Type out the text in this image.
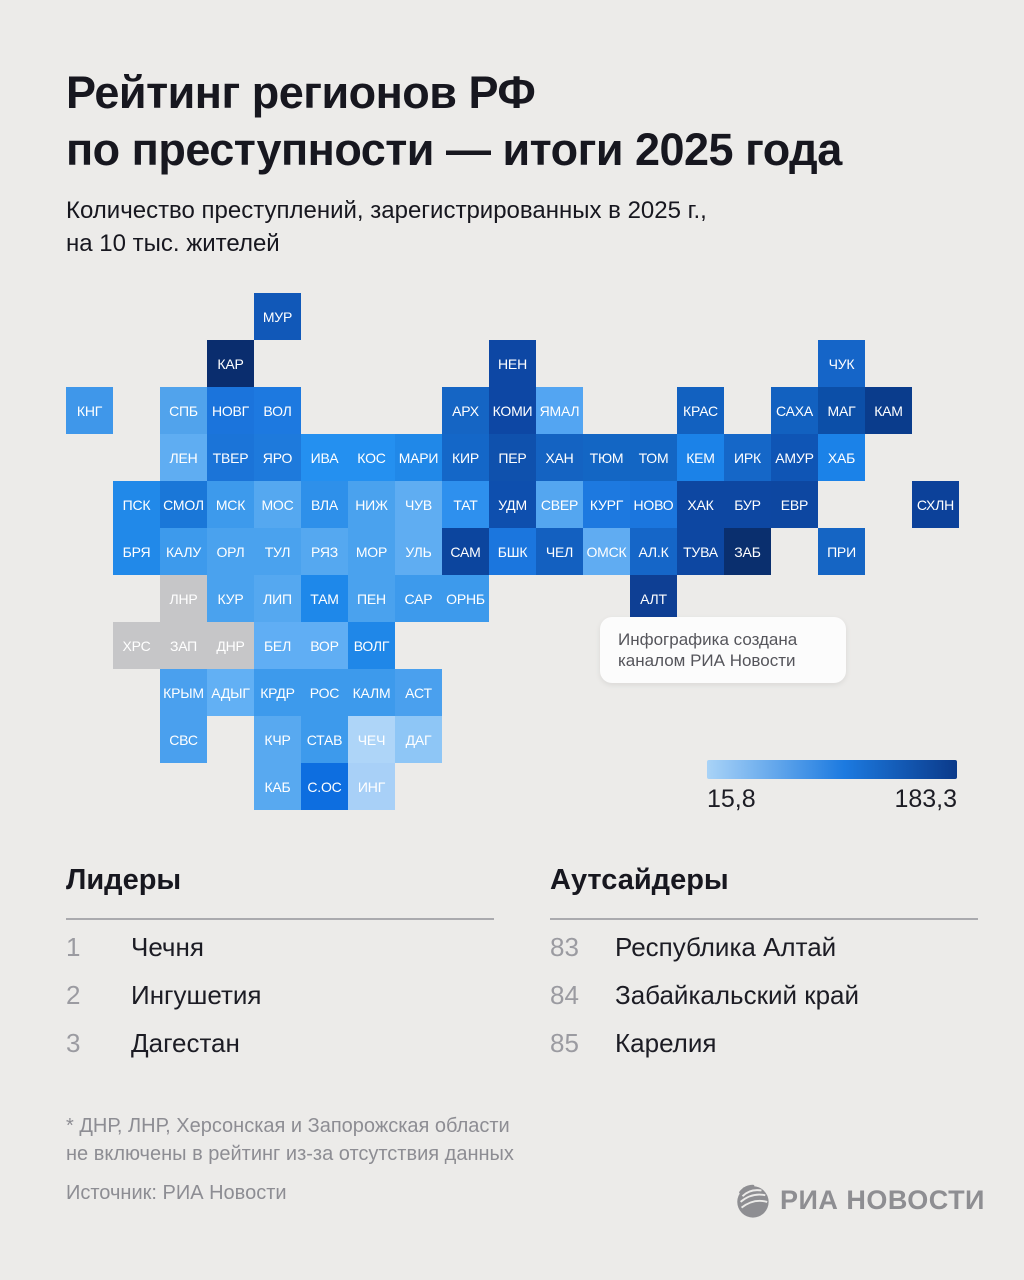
Рейтинг регионов РФ
по преступности — итоги 2025 года
Количество преступлений, зарегистрированных в 2025 г.,
на 10 тыс. жителей
МУР
КАР	НЕН	ЧУК
КНГ	СПБ	НОВГ	ВОЛ	АРХ КОМИ ЯМАЛ	КРАС	САХА	МАГ	КАМ
ЛЕН	ТВЕР	ЯРО	ИВА	КОС МАРИ КИР	ПЕР	ХАН	ТЮМ	ТОМ	КЕМ	ИРК	АМУР	ХАБ
ПСК СМОЛ МСК	МОС	ВЛА	НИЖ	ЧУВ	ТАТ	УДМ СВЕР КУРГ НОВО ХАК	БУР	ЕВР	СХЛН
БРЯ	КАЛУ	ОРЛ	ТУЛ	РЯЗ	МОР	УЛЬ	САМ	БШК	ЧЕЛ ОМСК АЛ.К	ТУВА	ЗАБ	ПРИ
ЛНР	КУР	ЛИП	ТАМ	ПЕН	САР ОРНБ	АЛТ
ХРС	ЗАП	ДНР	БЕЛ	ВОР	ВОЛГ
КРЫМ АДЫГ КРДР	РОС КАЛМ	АСТ
СВС	КЧР	СТАВ	ЧЕЧ	ДАГ
КАБ	С.ОС	ИНГ
Инфографика создана
каналом РИА Новости
15,8	183,3
Лидеры
1	Чечня
2	Ингушетия
3	Дагестан
Аутсайдеры
83	Республика Алтай
84	Забайкальский край
85	Карелия
* ДНР, ЛНР, Херсонская и Запорожская области
не включены в рейтинг из-за отсутствия данных
Источник: РИА Новости	РИА НОВОСТИ
